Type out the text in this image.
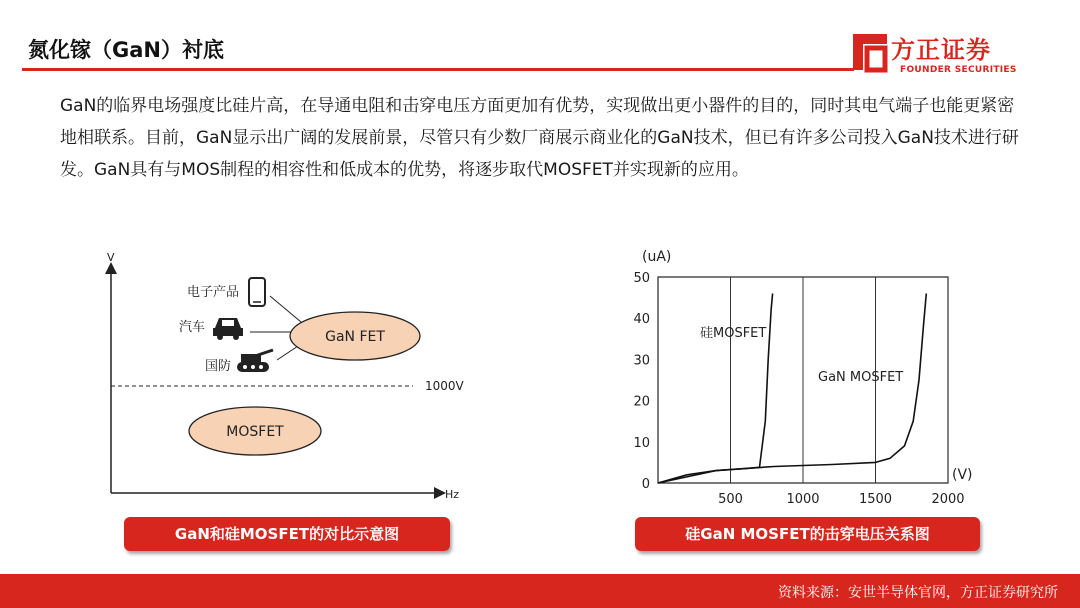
氮化镓（GaN）衬底	方正证券
FOUNDER SECURITIES

GaN的临界电场强度比硅片高，在导通电阻和击穿电压方面更加有优势，实现做出更小器件的目的，同时其电气端子也能更紧密地相联系。目前，GaN显示出广阔的发展前景，尽管只有少数厂商展示商业化的GaN技术，但已有许多公司投入GaN技术进行研发。GaN具有与MOS制程的相容性和低成本的优势，将逐步取代MOSFET并实现新的应用。

V
Hz
1000V
电子产品
汽车
国防
GaN FET
MOSFET
GaN和硅MOSFET的对比示意图
(uA)
(V)
50
40
30
20
10
0
500	1000	1500	2000
硅MOSFET
GaN MOSFET
硅GaN MOSFET的击穿电压关系图
资料来源：安世半导体官网，方正证券研究所
